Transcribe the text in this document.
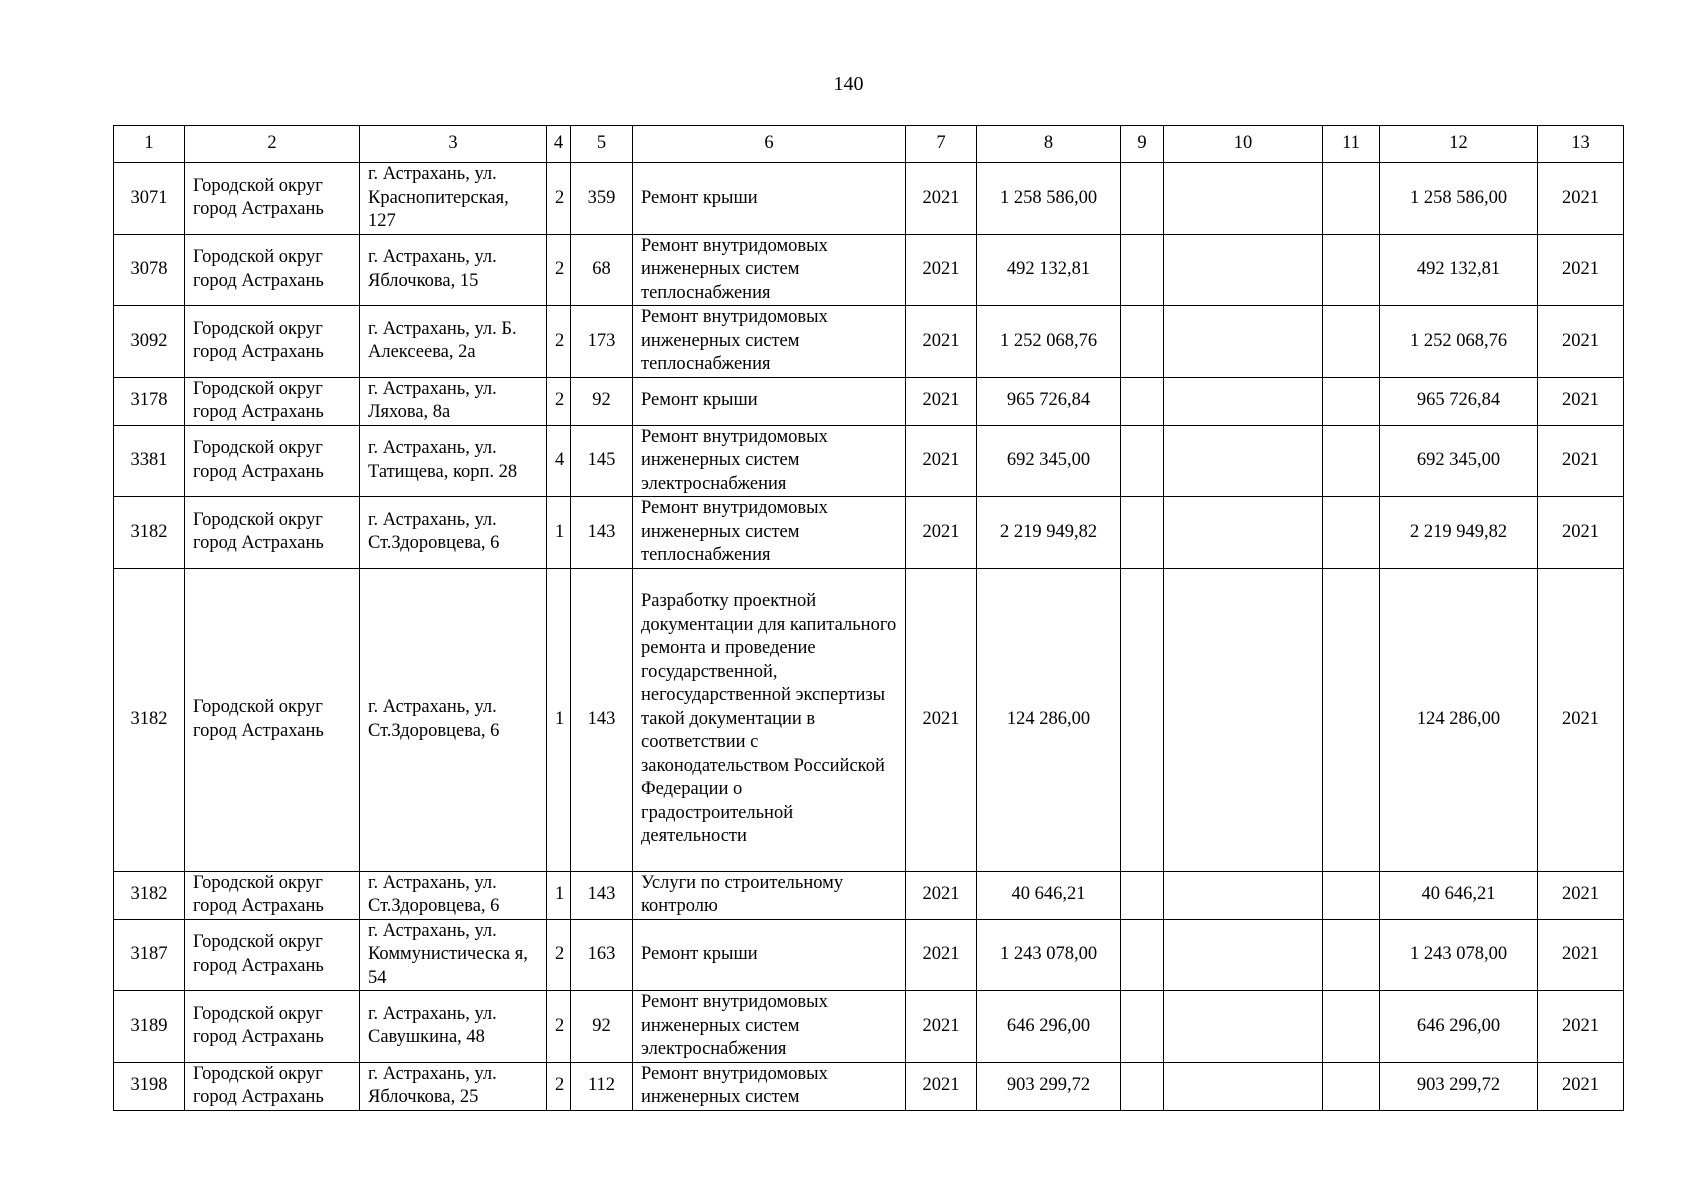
140
1	2	3	4	5	6	7	8	9	10	11	12	13
3071	Городской округ город Астрахань	г. Астрахань, ул. Краснопитерская, 127	2	359	Ремонт крыши	2021	1 258 586,00				1 258 586,00	2021
3078	Городской округ город Астрахань	г. Астрахань, ул. Яблочкова, 15	2	68	Ремонт внутридомовых инженерных систем теплоснабжения	2021	492 132,81				492 132,81	2021
3092	Городской округ город Астрахань	г. Астрахань, ул. Б. Алексеева, 2а	2	173	Ремонт внутридомовых инженерных систем теплоснабжения	2021	1 252 068,76				1 252 068,76	2021
3178	Городской округ город Астрахань	г. Астрахань, ул. Ляхова, 8а	2	92	Ремонт крыши	2021	965 726,84				965 726,84	2021
3381	Городской округ город Астрахань	г. Астрахань, ул. Татищева, корп. 28	4	145	Ремонт внутридомовых инженерных систем электроснабжения	2021	692 345,00				692 345,00	2021
3182	Городской округ город Астрахань	г. Астрахань, ул. Ст.Здоровцева, 6	1	143	Ремонт внутридомовых инженерных систем теплоснабжения	2021	2 219 949,82				2 219 949,82	2021
3182	Городской округ город Астрахань	г. Астрахань, ул. Ст.Здоровцева, 6	1	143	Разработку проектной документации для капитального ремонта и проведение государственной, негосударственной экспертизы такой документации в соответствии с законодательством Российской Федерации о градостроительной деятельности	2021	124 286,00				124 286,00	2021
3182	Городской округ город Астрахань	г. Астрахань, ул. Ст.Здоровцева, 6	1	143	Услуги по строительному контролю	2021	40 646,21				40 646,21	2021
3187	Городской округ город Астрахань	г. Астрахань, ул. Коммунистическа я, 54	2	163	Ремонт крыши	2021	1 243 078,00				1 243 078,00	2021
3189	Городской округ город Астрахань	г. Астрахань, ул. Савушкина, 48	2	92	Ремонт внутридомовых инженерных систем электроснабжения	2021	646 296,00				646 296,00	2021
3198	Городской округ город Астрахань	г. Астрахань, ул. Яблочкова, 25	2	112	Ремонт внутридомовых инженерных систем	2021	903 299,72				903 299,72	2021
